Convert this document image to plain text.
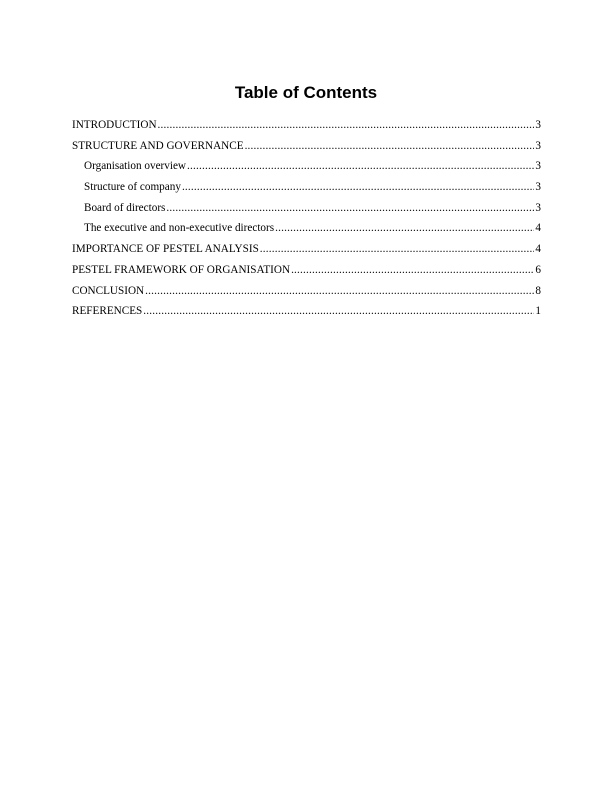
Table of Contents
INTRODUCTION .....	3
STRUCTURE AND GOVERNANCE .....	3
Organisation overview .....	3
Structure of company .....	3
Board of directors .....	3
The executive and non-executive directors .....	4
IMPORTANCE OF PESTEL ANALYSIS .....	4
PESTEL FRAMEWORK OF ORGANISATION .....	6
CONCLUSION .....	8
REFERENCES .....	1
